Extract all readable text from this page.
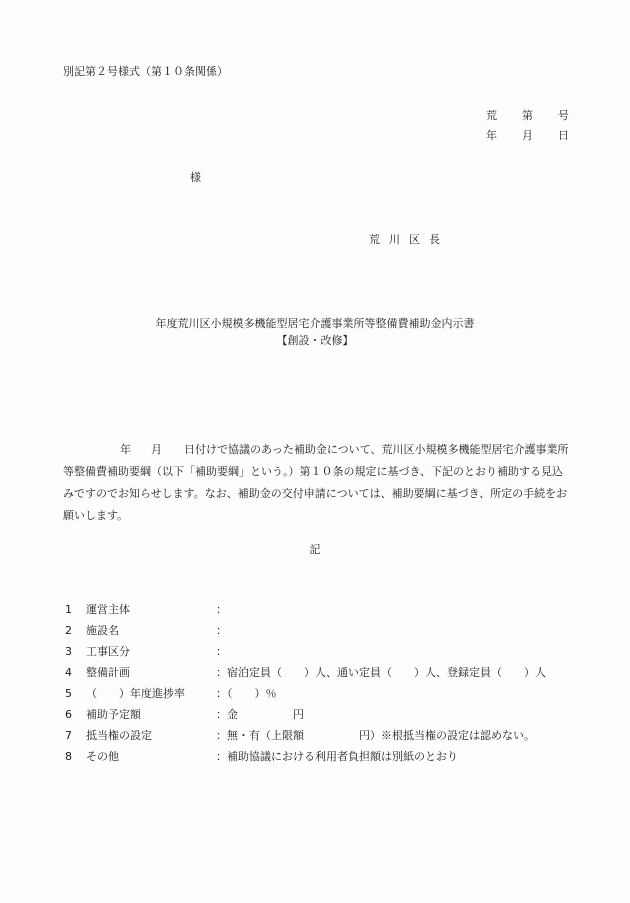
別記第２号様式（第１０条関係）
荒 第 号
年 月 日
様
荒川区長
年度荒川区小規模多機能型居宅介護事業所等整備費補助金内示書
【創設・改修】
年 月 日付けで協議のあった補助金について、荒川区小規模多機能型居宅介護事業所等整備費補助要綱（以下「補助要綱」という。）第１０条の規定に基づき、下記のとおり補助する見込みですのでお知らせします。なお、補助金の交付申請については、補助要綱に基づき、所定の手続をお願いします。
記
1 運営主体	：
2 施設名	：
3 工事区分	：
4 整備計画	：宿泊定員（　　）人、通い定員（　　）人、登録定員（　　）人
5 （　　）年度進捗率	：（　　）％
6 補助予定額	：金　　　　　円
7 抵当権の設定	：無・有（上限額　　　　　円）※根抵当権の設定は認めない。
8 その他	：補助協議における利用者負担額は別紙のとおり
